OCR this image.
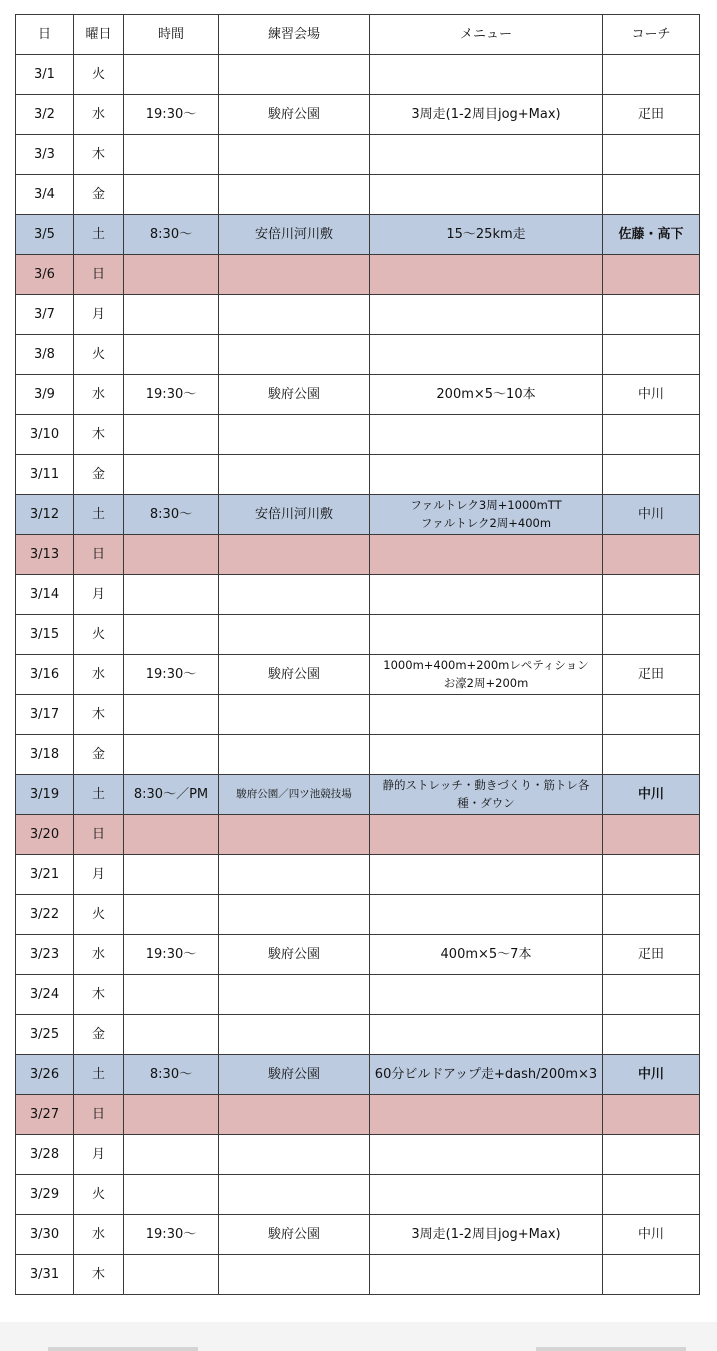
日	曜日	時間	練習会場	メニュー	コーチ
3/1	火				
3/2	水	19:30〜	駿府公園	3周走(1-2周目jog+Max)	疋田
3/3	木				
3/4	金				
3/5	土	8:30〜	安倍川河川敷	15〜25km走	佐藤・高下
3/6	日				
3/7	月				
3/8	火				
3/9	水	19:30〜	駿府公園	200m×5〜10本	中川
3/10	木				
3/11	金				
3/12	土	8:30〜	安倍川河川敷	ファルトレク3周+1000mTT
ファルトレク2周+400m	中川
3/13	日				
3/14	月				
3/15	火				
3/16	水	19:30〜	駿府公園	1000m+400m+200mレペティション
お濠2周+200m	疋田
3/17	木				
3/18	金				
3/19	土	8:30〜／PM	駿府公園／四ツ池競技場	静的ストレッチ・動きづくり・筋トレ各
種・ダウン	中川
3/20	日				
3/21	月				
3/22	火				
3/23	水	19:30〜	駿府公園	400m×5〜7本	疋田
3/24	木				
3/25	金				
3/26	土	8:30〜	駿府公園	60分ビルドアップ走+dash/200m×3	中川
3/27	日				
3/28	月				
3/29	火				
3/30	水	19:30〜	駿府公園	3周走(1-2周目jog+Max)	中川
3/31	木				
